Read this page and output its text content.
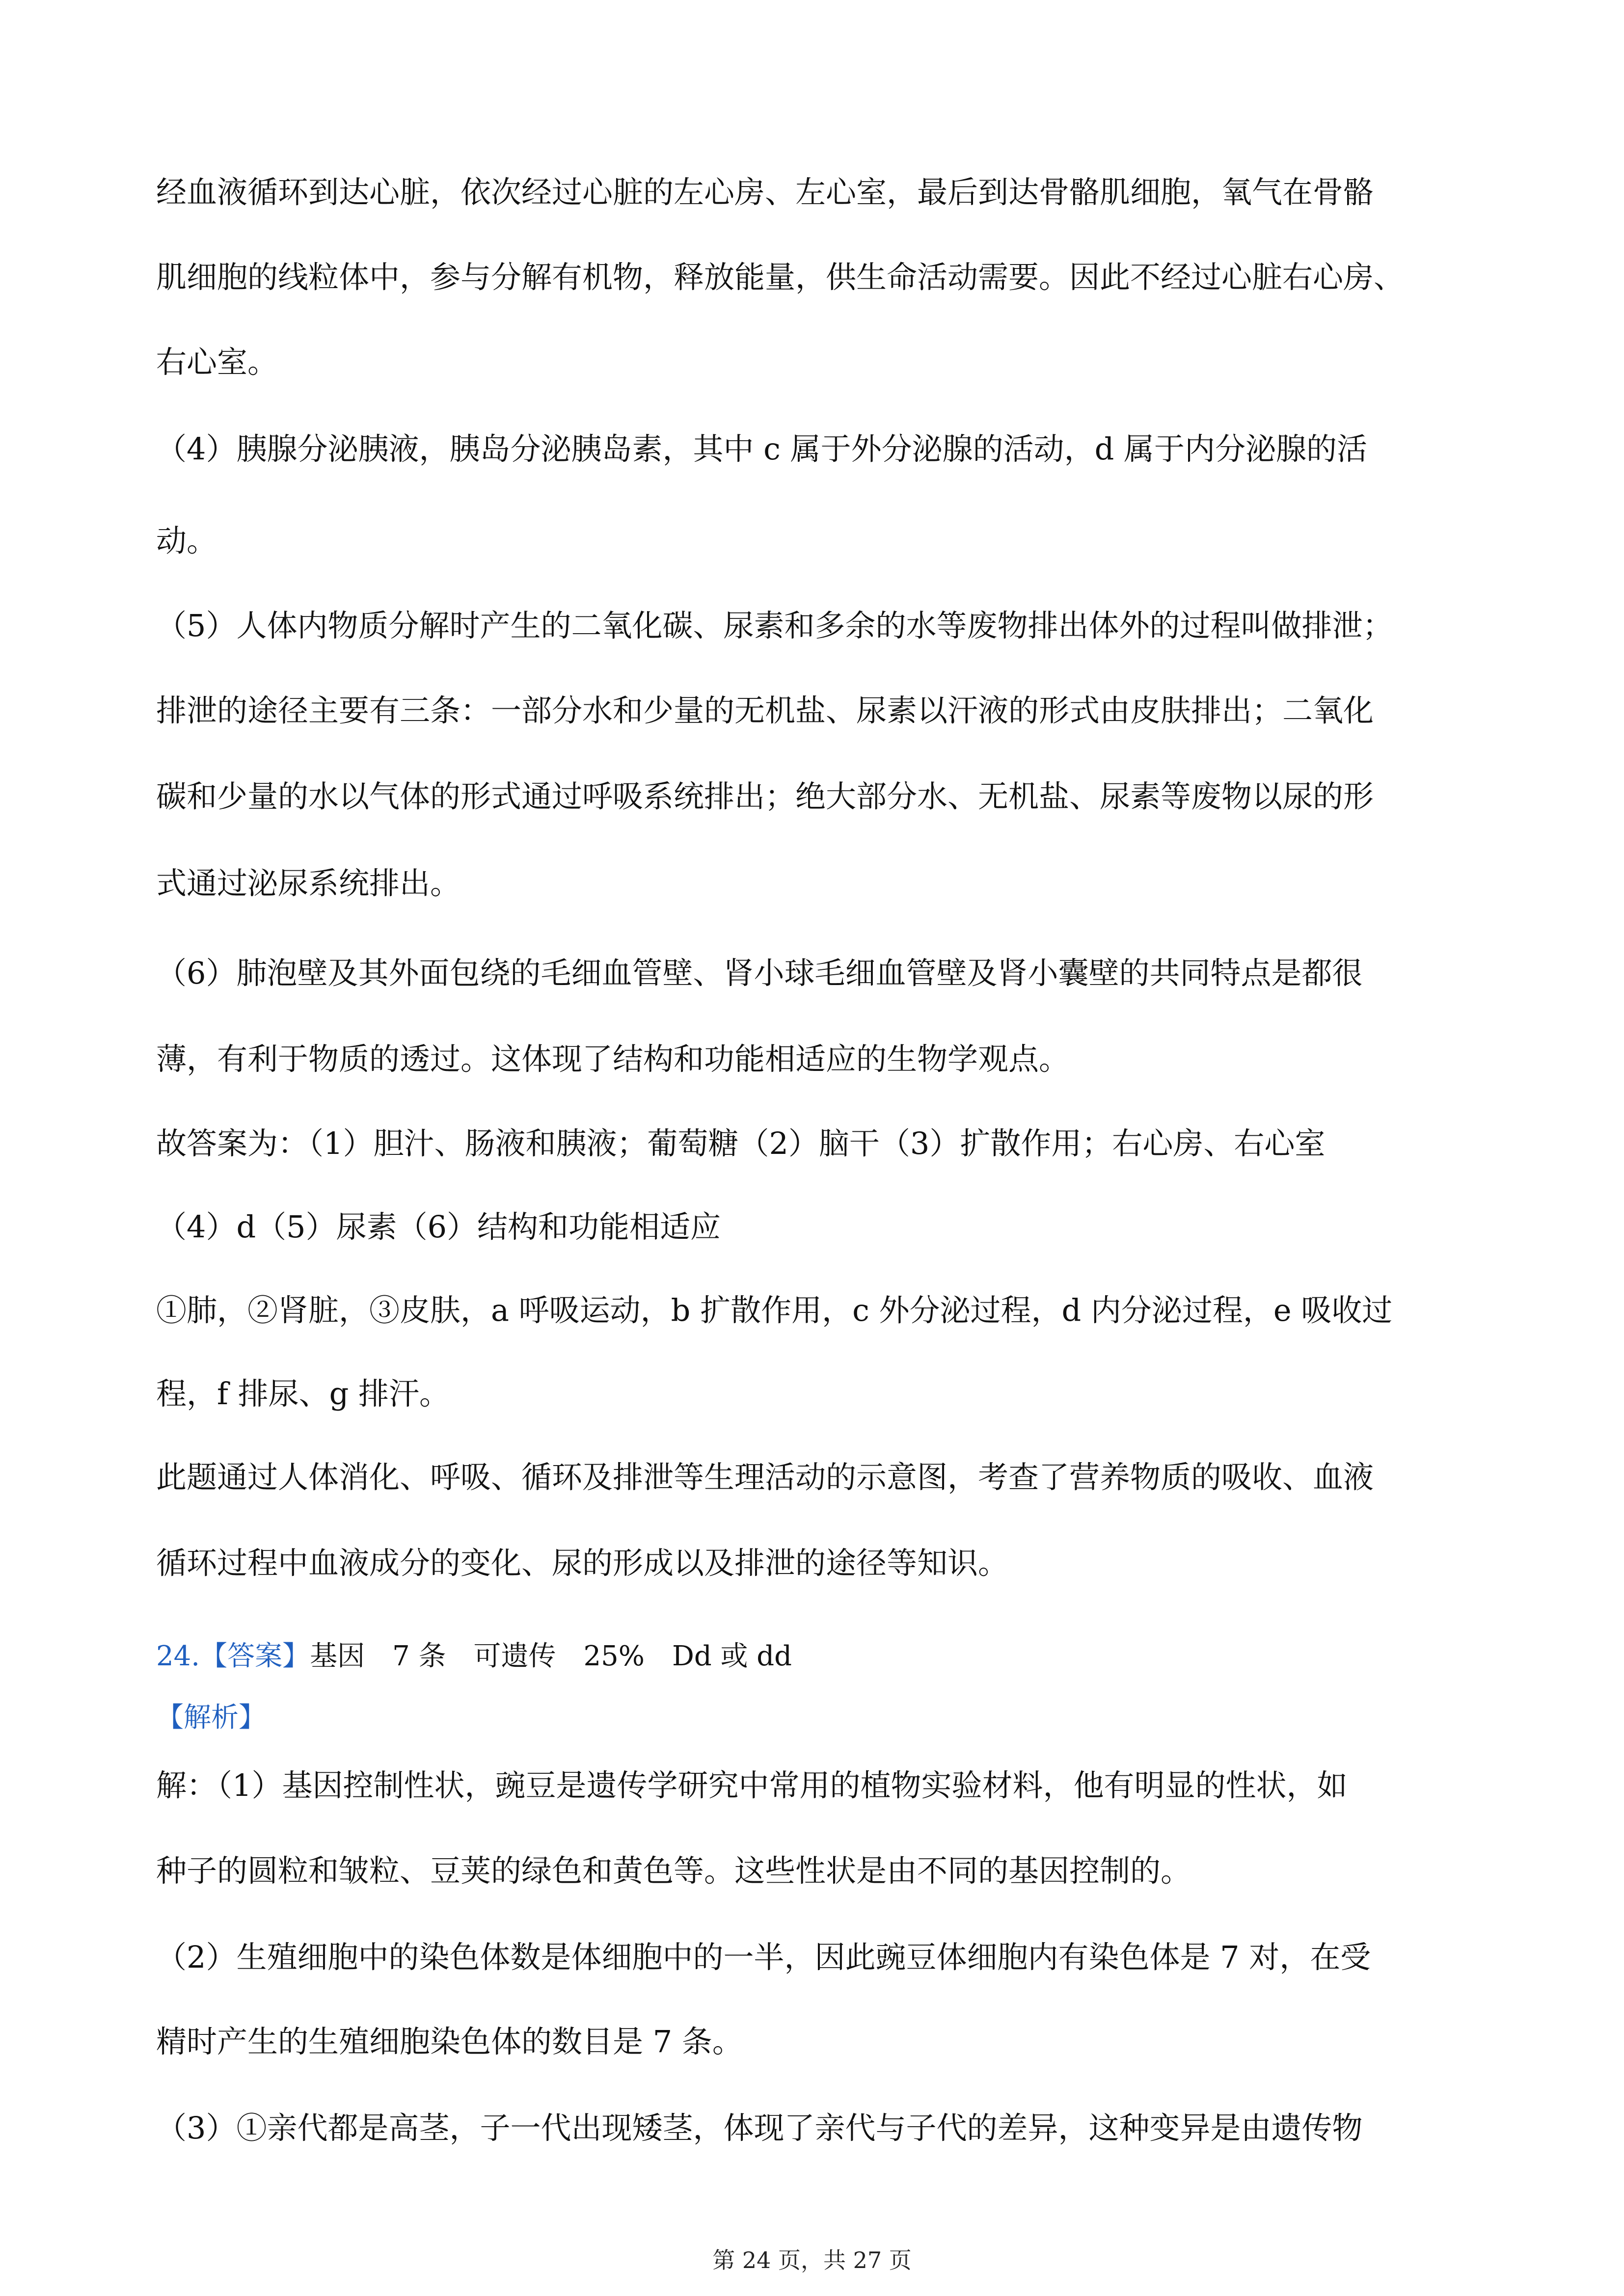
经血液循环到达心脏，依次经过心脏的左心房、左心室，最后到达骨骼肌细胞，氧气在骨骼
肌细胞的线粒体中，参与分解有机物，释放能量，供生命活动需要。因此不经过心脏右心房、
右心室。
（4）胰腺分泌胰液，胰岛分泌胰岛素，其中 c 属于外分泌腺的活动，d 属于内分泌腺的活
动。
（5）人体内物质分解时产生的二氧化碳、尿素和多余的水等废物排出体外的过程叫做排泄；
排泄的途径主要有三条：一部分水和少量的无机盐、尿素以汗液的形式由皮肤排出；二氧化
碳和少量的水以气体的形式通过呼吸系统排出；绝大部分水、无机盐、尿素等废物以尿的形
式通过泌尿系统排出。
（6）肺泡壁及其外面包绕的毛细血管壁、肾小球毛细血管壁及肾小囊壁的共同特点是都很
薄，有利于物质的透过。这体现了结构和功能相适应的生物学观点。
故答案为：（1）胆汁、肠液和胰液；葡萄糖（2）脑干（3）扩散作用；右心房、右心室
（4）d（5）尿素（6）结构和功能相适应
①肺，②肾脏，③皮肤，a 呼吸运动，b 扩散作用，c 外分泌过程，d 内分泌过程，e 吸收过
程，f 排尿、g 排汗。
此题通过人体消化、呼吸、循环及排泄等生理活动的示意图，考查了营养物质的吸收、血液
循环过程中血液成分的变化、尿的形成以及排泄的途径等知识。
24.【答案】基因　7 条　可遗传　25%　Dd 或 dd
【解析】
解：（1）基因控制性状，豌豆是遗传学研究中常用的植物实验材料，他有明显的性状，如
种子的圆粒和皱粒、豆荚的绿色和黄色等。这些性状是由不同的基因控制的。
（2）生殖细胞中的染色体数是体细胞中的一半，因此豌豆体细胞内有染色体是 7 对，在受
精时产生的生殖细胞染色体的数目是 7 条。
（3）①亲代都是高茎，子一代出现矮茎，体现了亲代与子代的差异，这种变异是由遗传物
第 24 页，共 27 页
